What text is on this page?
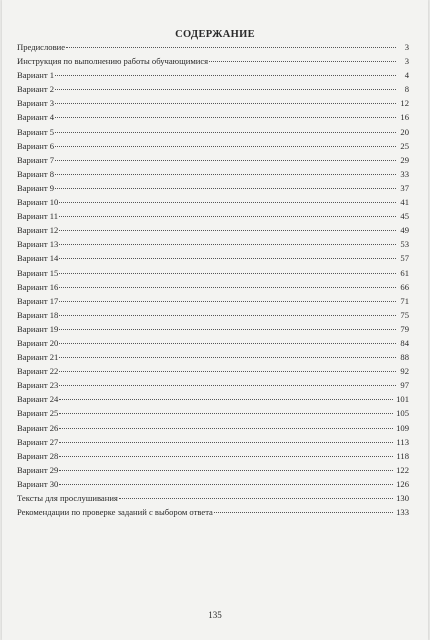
СОДЕРЖАНИЕ
Предисловие	3
Инструкция по выполнению работы обучающимися	3
Вариант 1	4
Вариант 2	8
Вариант 3	12
Вариант 4	16
Вариант 5	20
Вариант 6	25
Вариант 7	29
Вариант 8	33
Вариант 9	37
Вариант 10	41
Вариант 11	45
Вариант 12	49
Вариант 13	53
Вариант 14	57
Вариант 15	61
Вариант 16	66
Вариант 17	71
Вариант 18	75
Вариант 19	79
Вариант 20	84
Вариант 21	88
Вариант 22	92
Вариант 23	97
Вариант 24	101
Вариант 25	105
Вариант 26	109
Вариант 27	113
Вариант 28	118
Вариант 29	122
Вариант 30	126
Тексты для прослушивания	130
Рекомендации по проверке заданий с выбором ответа	133
135
